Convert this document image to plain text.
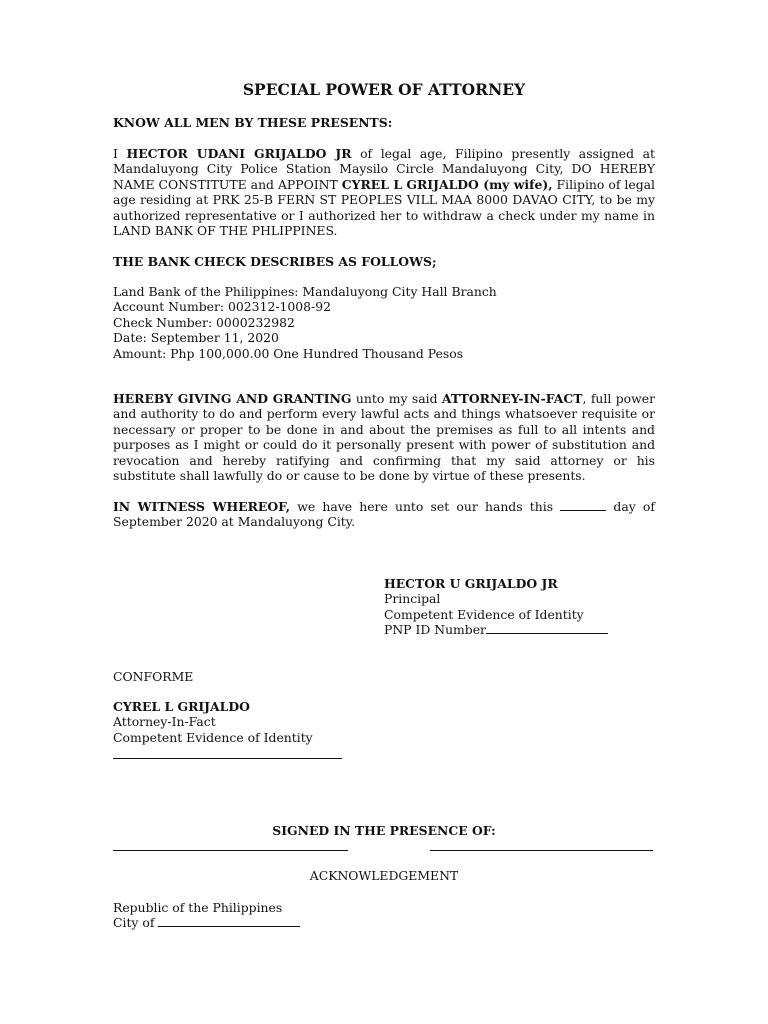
SPECIAL POWER OF ATTORNEY

KNOW ALL MEN BY THESE PRESENTS:

I HECTOR UDANI GRIJALDO JR of legal age, Filipino presently assigned at Mandaluyong City Police Station Maysilo Circle Mandaluyong City, DO HEREBY NAME CONSTITUTE and APPOINT CYREL L GRIJALDO (my wife), Filipino of legal age residing at PRK 25-B FERN ST PEOPLES VILL MAA 8000 DAVAO CITY, to be my authorized representative or I authorized her to withdraw a check under my name in LAND BANK OF THE PHLIPPINES.

THE BANK CHECK DESCRIBES AS FOLLOWS;

Land Bank of the Philippines: Mandaluyong City Hall Branch
Account Number: 002312-1008-92
Check Number: 0000232982
Date: September 11, 2020
Amount: Php 100,000.00 One Hundred Thousand Pesos

HEREBY GIVING AND GRANTING unto my said ATTORNEY-IN-FACT, full power and authority to do and perform every lawful acts and things whatsoever requisite or necessary or proper to be done in and about the premises as full to all intents and purposes as I might or could do it personally present with power of substitution and revocation and hereby ratifying and confirming that my said attorney or his substitute shall lawfully do or cause to be done by virtue of these presents.

IN WITNESS WHEREOF, we have here unto set our hands this	day of September 2020 at Mandaluyong City.

HECTOR U GRIJALDO JR
Principal
Competent Evidence of Identity
PNP ID Number

CONFORME

CYREL L GRIJALDO
Attorney-In-Fact
Competent Evidence of Identity

SIGNED IN THE PRESENCE OF:

ACKNOWLEDGEMENT

Republic of the Philippines
City of
